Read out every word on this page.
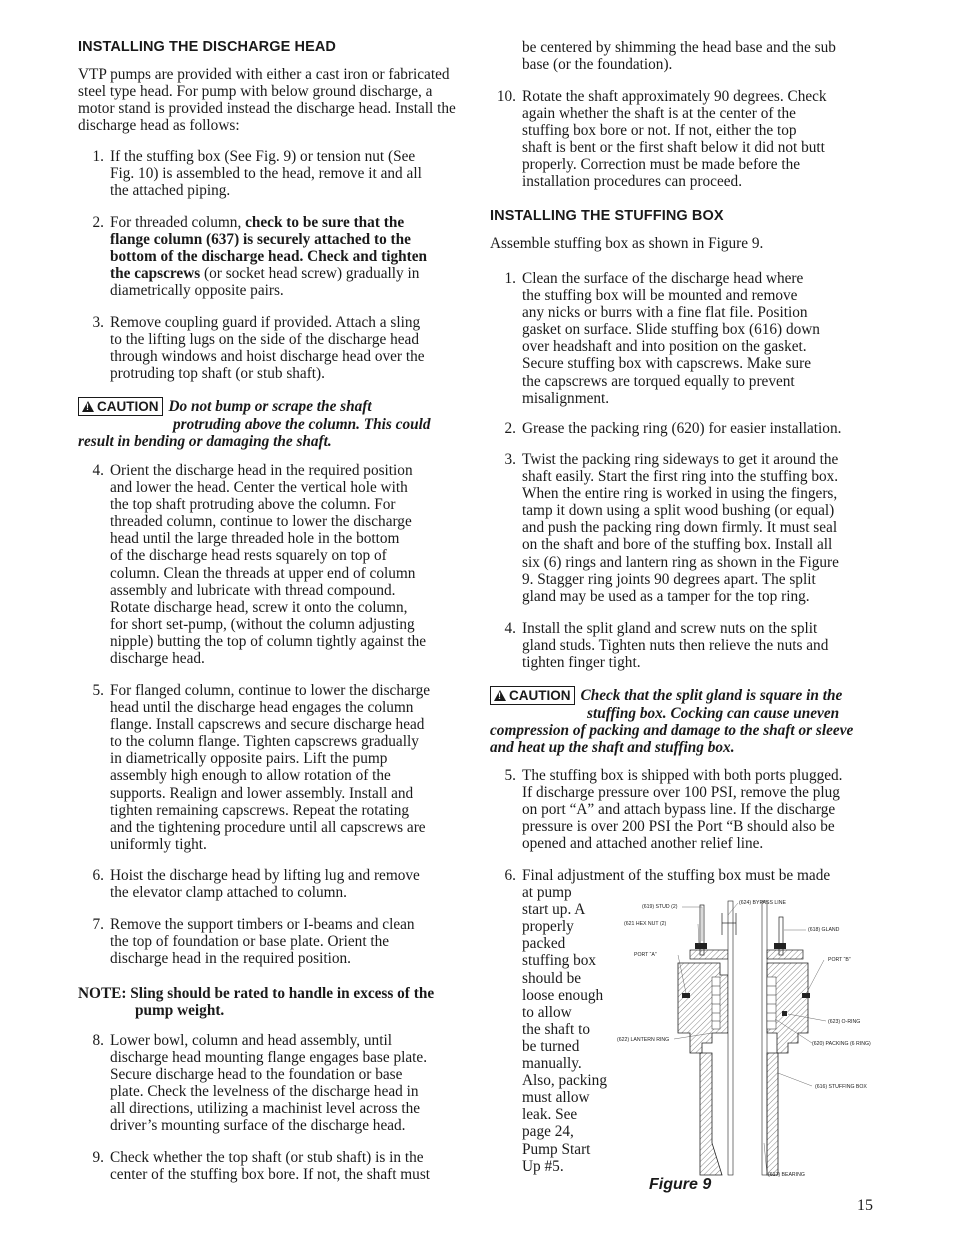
INSTALLING THE DISCHARGE HEAD

VTP pumps are provided with either a cast iron or fabricated steel type head. For pump with below ground discharge, a motor stand is provided instead the discharge head. Install the discharge head as follows:

1. If the stuffing box (See Fig. 9) or tension nut (See
Fig. 10) is assembled to the head, remove it and all
the attached piping.
2. For threaded column, check to be sure that the
flange column (637) is securely attached to the
bottom of the discharge head. Check and tighten
the capscrews (or socket head screw) gradually in
diametrically opposite pairs.
3. Remove coupling guard if provided. Attach a sling
to the lifting lugs on the side of the discharge head
through windows and hoist discharge head over the
protruding top shaft (or stub shaft).
!CAUTION Do not bump or scrape the shaft
protruding above the column. This could
result in bending or damaging the shaft.
4. Orient the discharge head in the required position
and lower the head. Center the vertical hole with
the top shaft protruding above the column. For
threaded column, continue to lower the discharge
head until the large threaded hole in the bottom
of the discharge head rests squarely on top of
column. Clean the threads at upper end of column
assembly and lubricate with thread compound.
Rotate discharge head, screw it onto the column,
for short set-pump, (without the column adjusting
nipple) butting the top of column tightly against the
discharge head.
5. For flanged column, continue to lower the discharge
head until the discharge head engages the column
flange. Install capscrews and secure discharge head
to the column flange. Tighten capscrews gradually
in diametrically opposite pairs. Lift the pump
assembly high enough to allow rotation of the
supports. Realign and lower assembly. Install and
tighten remaining capscrews. Repeat the rotating
and the tightening procedure until all capscrews are
uniformly tight.
6. Hoist the discharge head by lifting lug and remove
the elevator clamp attached to column.
7. Remove the support timbers or I-beams and clean
the top of foundation or base plate. Orient the
discharge head in the required position.
NOTE: Sling should be rated to handle in excess of the
pump weight.
8. Lower bowl, column and head assembly, until
discharge head mounting flange engages base plate.
Secure discharge head to the foundation or base
plate. Check the levelness of the discharge head in
all directions, utilizing a machinist level across the
driver’s mounting surface of the discharge head.
9. Check whether the top shaft (or stub shaft) is in the
center of the stuffing box bore. If not, the shaft must
be centered by shimming the head base and the sub
base (or the foundation).
10. Rotate the shaft approximately 90 degrees. Check
again whether the shaft is at the center of the
stuffing box bore or not. If not, either the top
shaft is bent or the first shaft below it did not butt
properly. Correction must be made before the
installation procedures can proceed.
INSTALLING THE STUFFING BOX

Assemble stuffing box as shown in Figure 9.

1. Clean the surface of the discharge head where
the stuffing box will be mounted and remove
any nicks or burrs with a fine flat file. Position
gasket on surface. Slide stuffing box (616) down
over headshaft and into position on the gasket.
Secure stuffing box with capscrews. Make sure
the capscrews are torqued equally to prevent
misalignment.
2. Grease the packing ring (620) for easier installation.
3. Twist the packing ring sideways to get it around the
shaft easily. Start the first ring into the stuffing box.
When the entire ring is worked in using the fingers,
tamp it down using a split wood bushing (or equal)
and push the packing ring down firmly. It must seal
on the shaft and bore of the stuffing box. Install all
six (6) rings and lantern ring as shown in the Figure
9. Stagger ring joints 90 degrees apart. The split
gland may be used as a tamper for the top ring.
4. Install the split gland and screw nuts on the split
gland studs. Tighten nuts then relieve the nuts and
tighten finger tight.
!CAUTION Check that the split gland is square in the
stuffing box. Cocking can cause uneven
compression of packing and damage to the shaft or sleeve
and heat up the shaft and stuffing box.
5. The stuffing box is shipped with both ports plugged.
If discharge pressure over 100 PSI, remove the plug
on port “A” and attach bypass line. If the discharge
pressure is over 200 PSI the Port “B should also be
opened and attached another relief line.
6. Final adjustment of the stuffing box must be made
at pump
start up. A
properly
packed
stuffing box
should be
loose enough
to allow
the shaft to
be turned
manually.
Also, packing
must allow
leak. See
page 24,
Pump Start
Up #5.
(619) STUD (2)
(624) BYPASS LINE
(621 HEX NUT (2)
(618) GLAND
PORT “A”
PORT “B”
(623) O-RING
(622) LANTERN RING
(620) PACKING (6 RING)
(616) STUFFING BOX
(617) BEARING
Figure 9
15
